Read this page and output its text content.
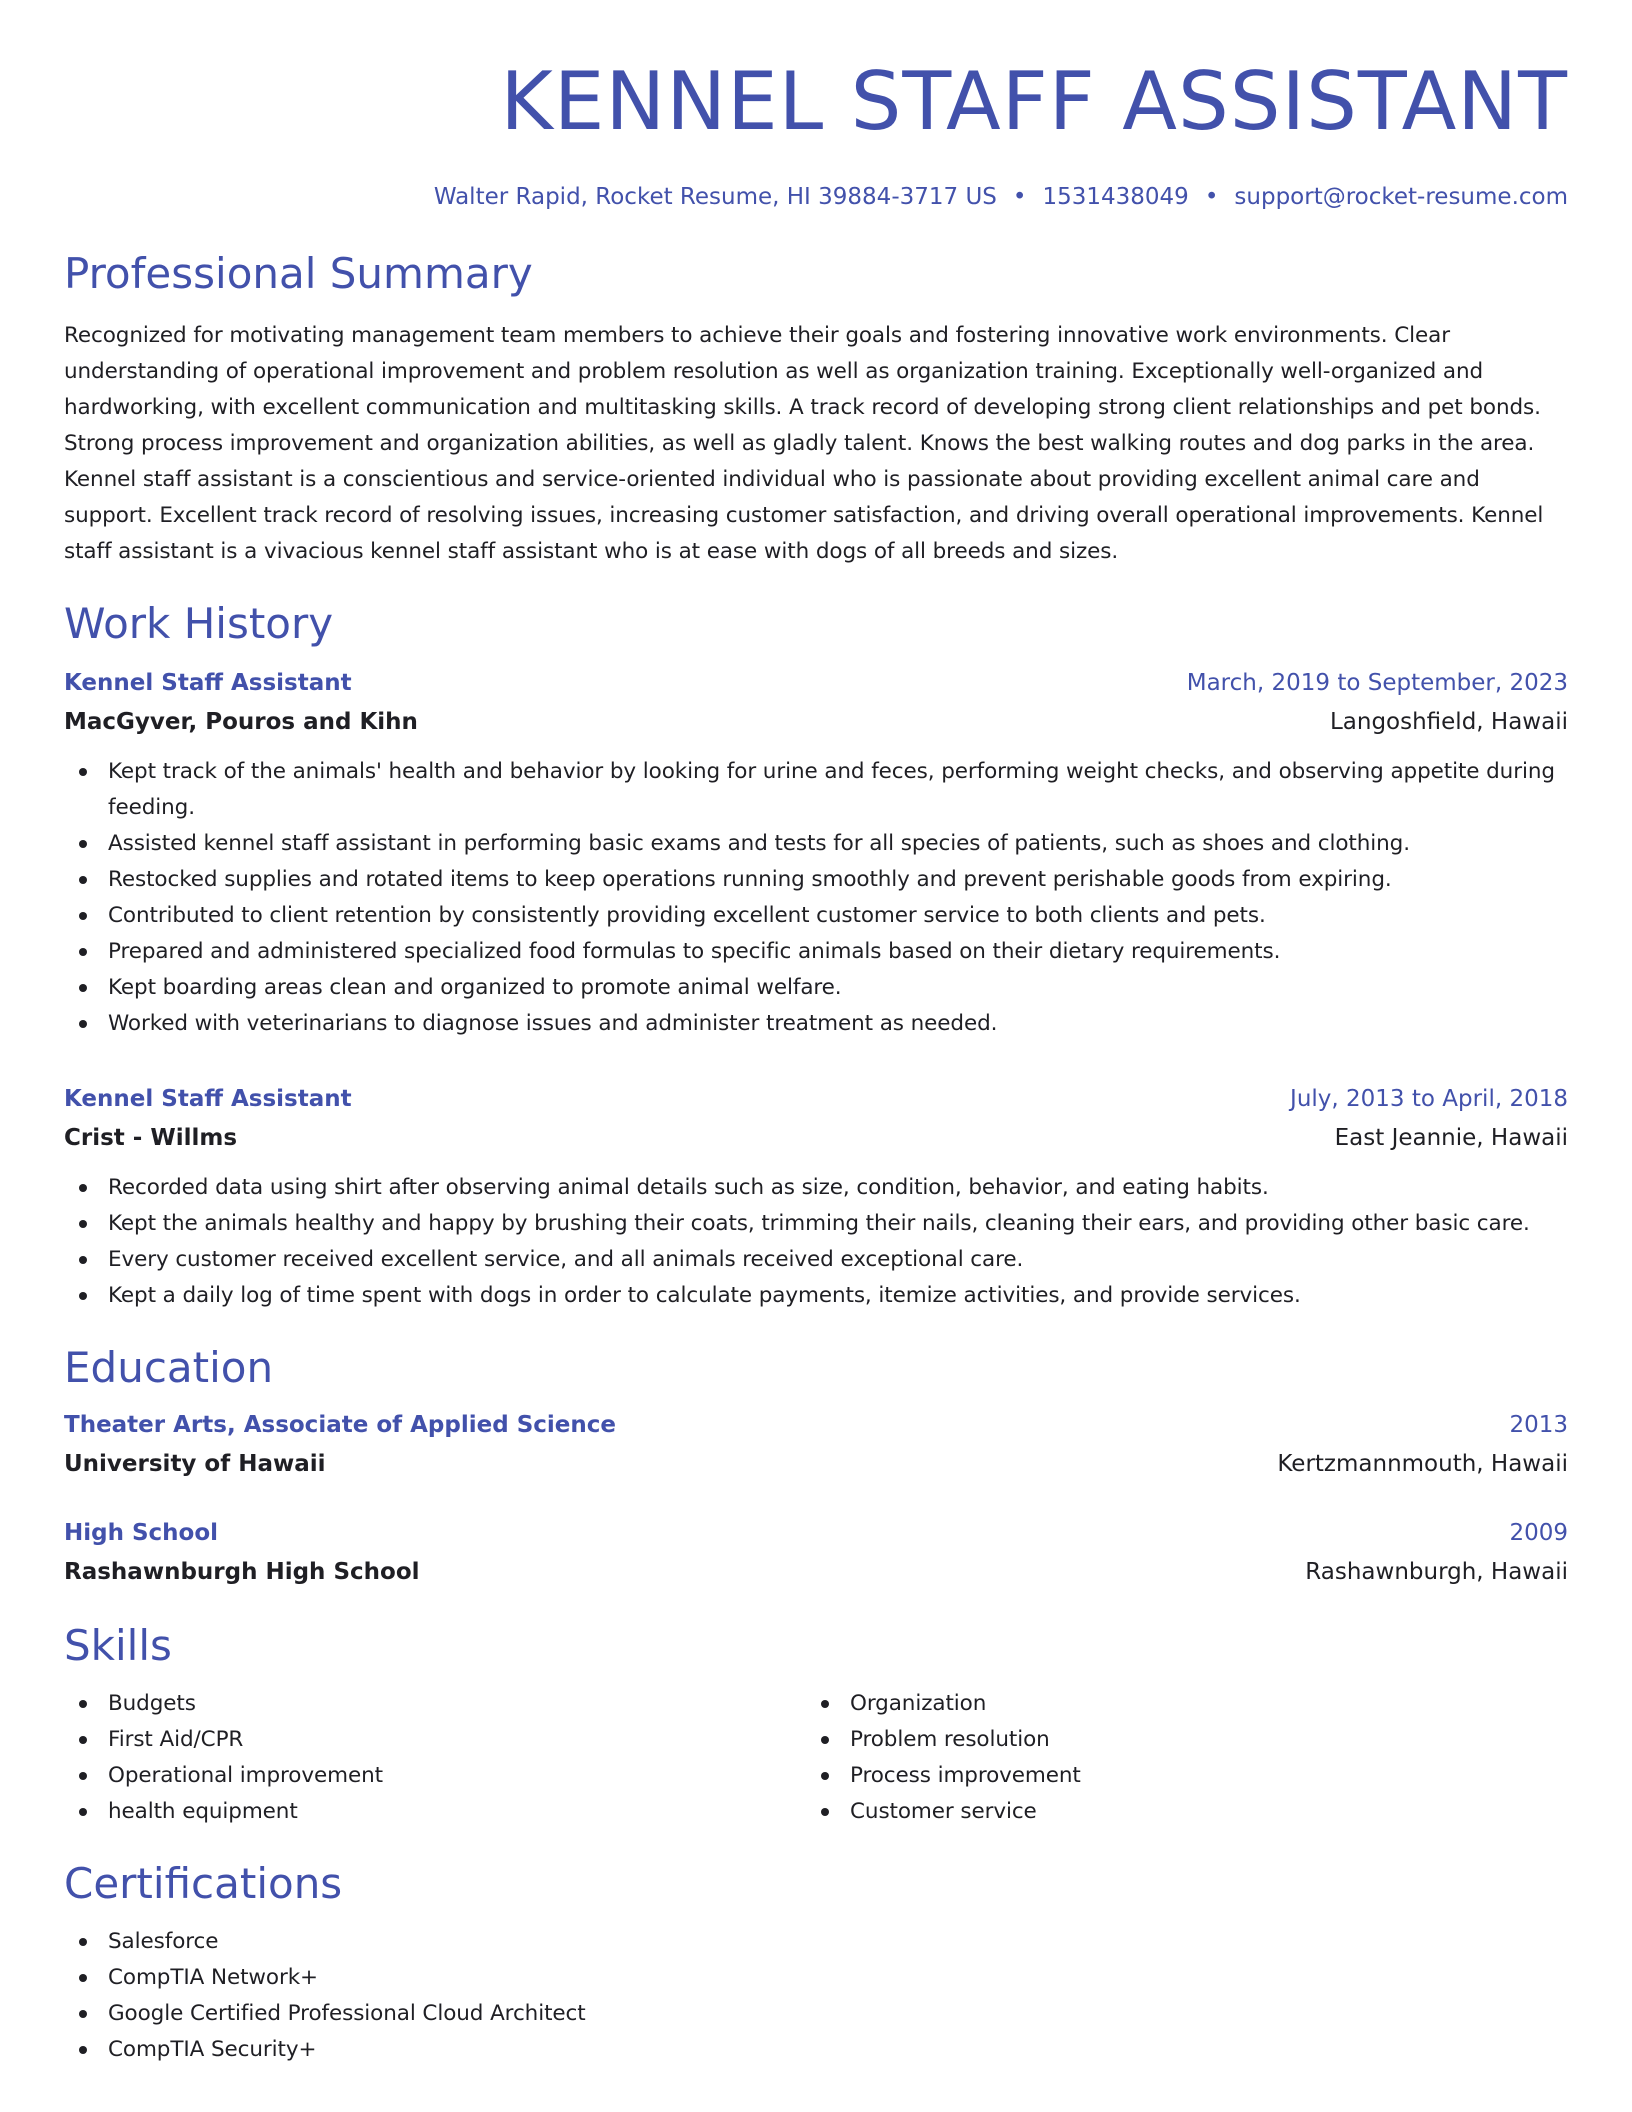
KENNEL STAFF ASSISTANT
Walter Rapid, Rocket Resume, HI 39884-3717 US • 1531438049 • support@rocket-resume.com
Professional Summary
Recognized for motivating management team members to achieve their goals and fostering innovative work environments. Clear understanding of operational improvement and problem resolution as well as organization training. Exceptionally well-organized and hardworking, with excellent communication and multitasking skills. A track record of developing strong client relationships and pet bonds. Strong process improvement and organization abilities, as well as gladly talent. Knows the best walking routes and dog parks in the area. Kennel staff assistant is a conscientious and service-oriented individual who is passionate about providing excellent animal care and support. Excellent track record of resolving issues, increasing customer satisfaction, and driving overall operational improvements. Kennel staff assistant is a vivacious kennel staff assistant who is at ease with dogs of all breeds and sizes.
Work History
Kennel Staff Assistant	March, 2019 to September, 2023
MacGyver, Pouros and Kihn	Langoshfield, Hawaii
Kept track of the animals' health and behavior by looking for urine and feces, performing weight checks, and observing appetite during feeding.
Assisted kennel staff assistant in performing basic exams and tests for all species of patients, such as shoes and clothing.
Restocked supplies and rotated items to keep operations running smoothly and prevent perishable goods from expiring.
Contributed to client retention by consistently providing excellent customer service to both clients and pets.
Prepared and administered specialized food formulas to specific animals based on their dietary requirements.
Kept boarding areas clean and organized to promote animal welfare.
Worked with veterinarians to diagnose issues and administer treatment as needed.
Kennel Staff Assistant	July, 2013 to April, 2018
Crist - Willms	East Jeannie, Hawaii
Recorded data using shirt after observing animal details such as size, condition, behavior, and eating habits.
Kept the animals healthy and happy by brushing their coats, trimming their nails, cleaning their ears, and providing other basic care.
Every customer received excellent service, and all animals received exceptional care.
Kept a daily log of time spent with dogs in order to calculate payments, itemize activities, and provide services.
Education
Theater Arts, Associate of Applied Science	2013
University of Hawaii	Kertzmannmouth, Hawaii
High School	2009
Rashawnburgh High School	Rashawnburgh, Hawaii
Skills
Budgets
First Aid/CPR
Operational improvement
health equipment
Organization
Problem resolution
Process improvement
Customer service
Certifications
Salesforce
CompTIA Network+
Google Certified Professional Cloud Architect
CompTIA Security+
